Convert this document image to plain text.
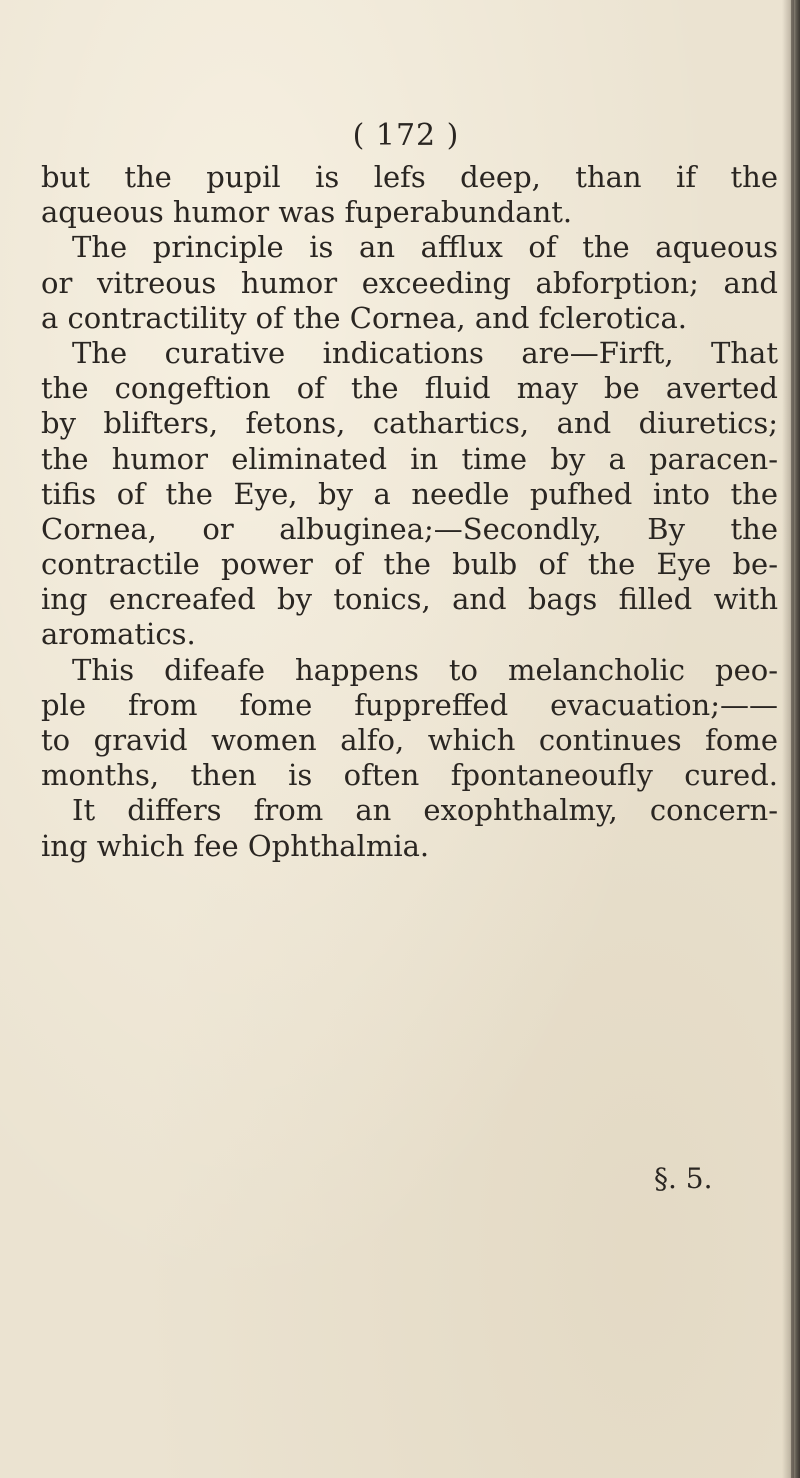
( 172 )
but the pupil is lefs deep, than if the
aqueous humor was fuperabundant.
The principle is an afflux of the aqueous
or vitreous humor exceeding abforption; and
a contractility of the Cornea, and fclerotica.
The curative indications are—Firft, That
the congeftion of the fluid may be averted
by blifters, fetons, cathartics, and diuretics;
the humor eliminated in time by a paracen-
tifis of the Eye, by a needle pufhed into the
Cornea, or albuginea;—Secondly, By the
contractile power of the bulb of the Eye be-
ing encreafed by tonics, and bags filled with
aromatics.
This difeafe happens to melancholic peo-
ple from fome fuppreffed evacuation;——
to gravid women alfo, which continues fome
months, then is often fpontaneoufly cured.
It differs from an exophthalmy, concern-
ing which fee Ophthalmia.
§. 5.
